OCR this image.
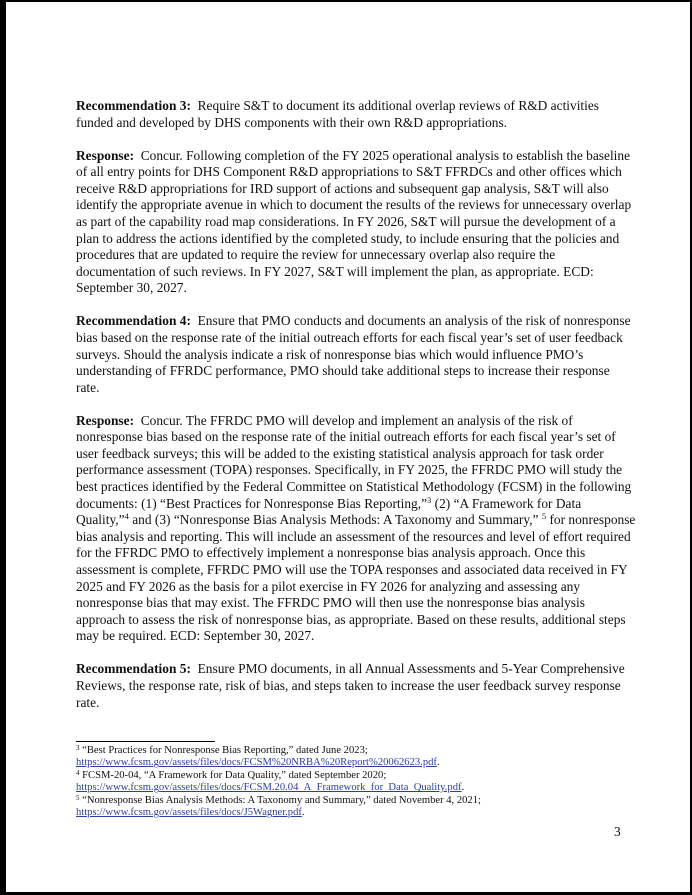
Recommendation 3: Require S&T to document its additional overlap reviews of R&D activities funded and developed by DHS components with their own R&D appropriations.

Response: Concur. Following completion of the FY 2025 operational analysis to establish the baseline of all entry points for DHS Component R&D appropriations to S&T FFRDCs and other offices which receive R&D appropriations for IRD support of actions and subsequent gap analysis, S&T will also identify the appropriate avenue in which to document the results of the reviews for unnecessary overlap as part of the capability road map considerations. In FY 2026, S&T will pursue the development of a plan to address the actions identified by the completed study, to include ensuring that the policies and procedures that are updated to require the review for unnecessary overlap also require the documentation of such reviews. In FY 2027, S&T will implement the plan, as appropriate. ECD: September 30, 2027.

Recommendation 4: Ensure that PMO conducts and documents an analysis of the risk of nonresponse bias based on the response rate of the initial outreach efforts for each fiscal year’s set of user feedback surveys. Should the analysis indicate a risk of nonresponse bias which would influence PMO’s understanding of FFRDC performance, PMO should take additional steps to increase their response rate.

Response: Concur. The FFRDC PMO will develop and implement an analysis of the risk of nonresponse bias based on the response rate of the initial outreach efforts for each fiscal year’s set of user feedback surveys; this will be added to the existing statistical analysis approach for task order performance assessment (TOPA) responses. Specifically, in FY 2025, the FFRDC PMO will study the best practices identified by the Federal Committee on Statistical Methodology (FCSM) in the following documents: (1) “Best Practices for Nonresponse Bias Reporting,”$^3$ (2) “A Framework for Data Quality,”$^4$ and (3) “Nonresponse Bias Analysis Methods: A Taxonomy and Summary,” $^5$ for nonresponse bias analysis and reporting. This will include an assessment of the resources and level of effort required for the FFRDC PMO to effectively implement a nonresponse bias analysis approach. Once this assessment is complete, FFRDC PMO will use the TOPA responses and associated data received in FY 2025 and FY 2026 as the basis for a pilot exercise in FY 2026 for analyzing and assessing any nonresponse bias that may exist. The FFRDC PMO will then use the nonresponse bias analysis approach to assess the risk of nonresponse bias, as appropriate. Based on these results, additional steps may be required. ECD: September 30, 2027.

Recommendation 5: Ensure PMO documents, in all Annual Assessments and 5-Year Comprehensive Reviews, the response rate, risk of bias, and steps taken to increase the user feedback survey response rate.

$^3$ “Best Practices for Nonresponse Bias Reporting,” dated June 2023;
https://www.fcsm.gov/assets/files/docs/FCSM%20NRBA%20Report%20062623.pdf.
$^4$ FCSM-20-04, “A Framework for Data Quality,” dated September 2020;
https://www.fcsm.gov/assets/files/docs/FCSM.20.04_A_Framework_for_Data_Quality.pdf.
$^5$ “Nonresponse Bias Analysis Methods: A Taxonomy and Summary,” dated November 4, 2021;
https://www.fcsm.gov/assets/files/docs/J5Wagner.pdf.
3
